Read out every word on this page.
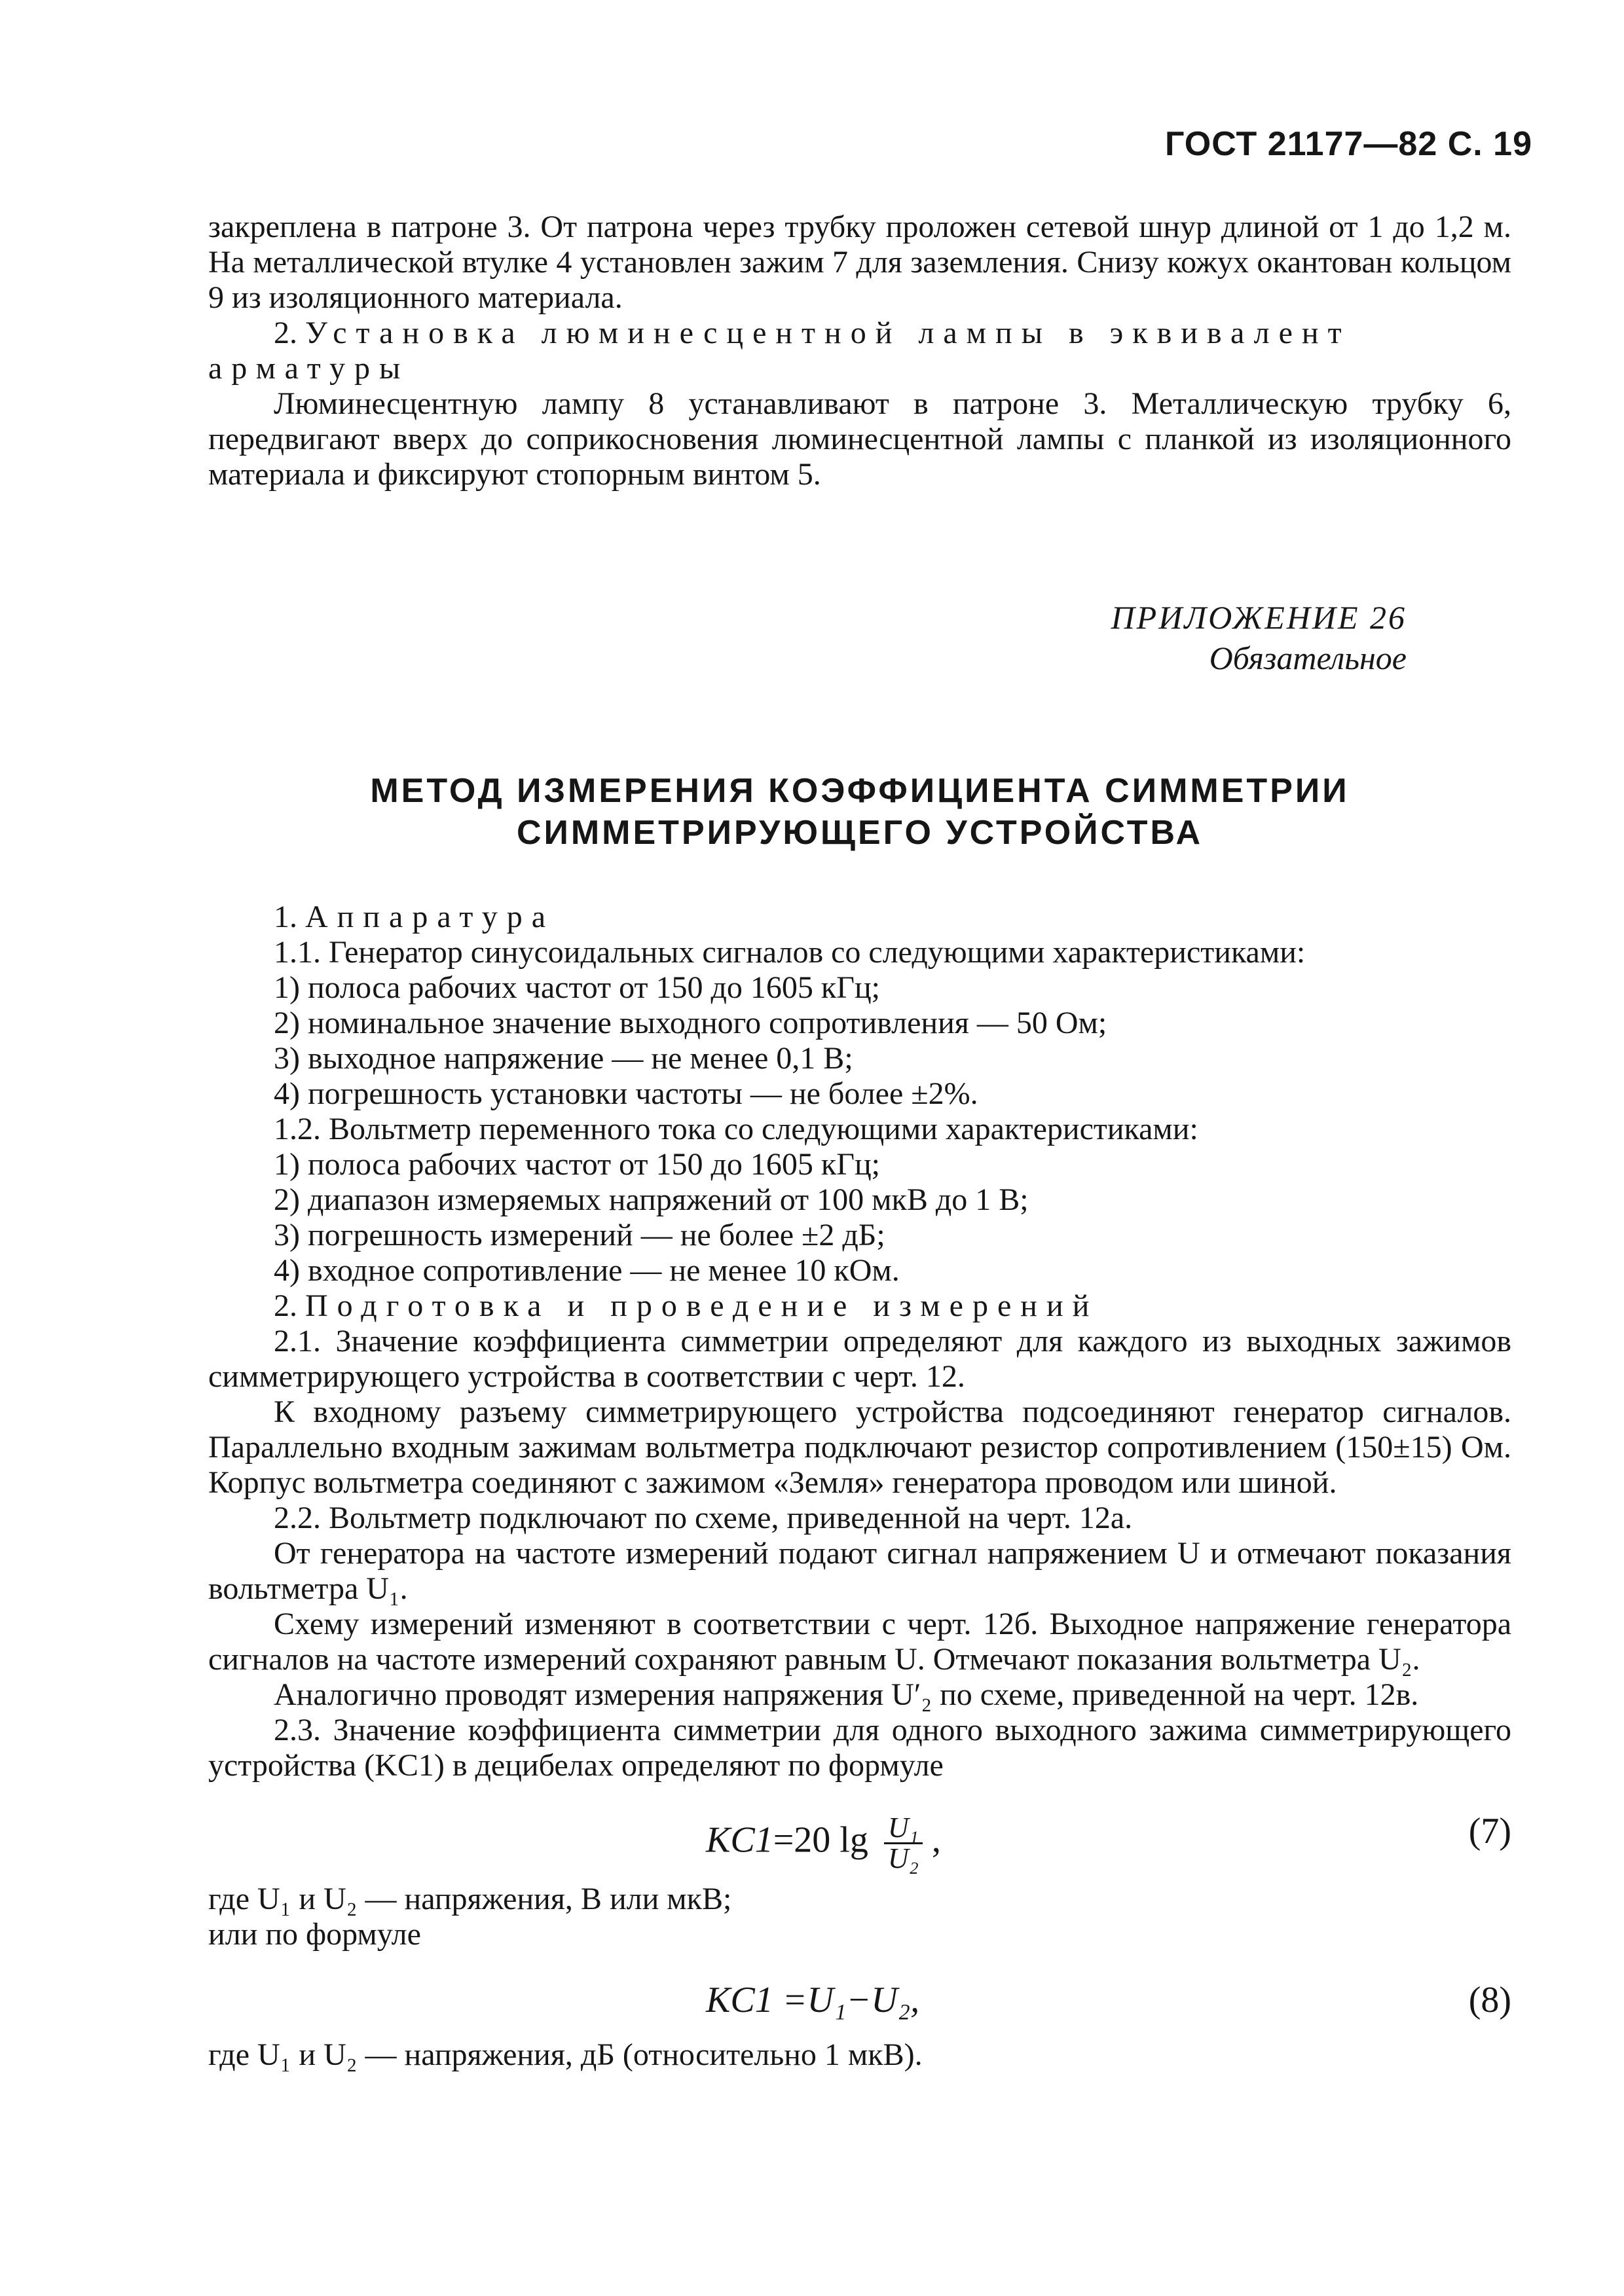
ГОСТ 21177—82 С. 19

закреплена в патроне 3. От патрона через трубку проложен сетевой шнур длиной от 1 до 1,2 м. На металлической втулке 4 установлен зажим 7 для заземления. Снизу кожух окантован кольцом 9 из изоляционного материала.

2. Установка люминесцентной лампы в эквивалент арматуры

Люминесцентную лампу 8 устанавливают в патроне 3. Металлическую трубку 6, передвигают вверх до соприкосновения люминесцентной лампы с планкой из изоляционного материала и фиксируют стопорным винтом 5.

ПРИЛОЖЕНИЕ 26
Обязательное
МЕТОД ИЗМЕРЕНИЯ КОЭФФИЦИЕНТА СИММЕТРИИ
СИММЕТРИРУЮЩЕГО УСТРОЙСТВА

1. Аппаратура

1.1. Генератор синусоидальных сигналов со следующими характеристиками:

1) полоса рабочих частот от 150 до 1605 кГц;

2) номинальное значение выходного сопротивления — 50 Ом;

3) выходное напряжение — не менее 0,1 В;

4) погрешность установки частоты — не более ±2%.

1.2. Вольтметр переменного тока со следующими характеристиками:

1) полоса рабочих частот от 150 до 1605 кГц;

2) диапазон измеряемых напряжений от 100 мкВ до 1 В;

3) погрешность измерений — не более ±2 дБ;

4) входное сопротивление — не менее 10 кОм.

2. Подготовка и проведение измерений

2.1. Значение коэффициента симметрии определяют для каждого из выходных зажимов симметрирующего устройства в соответствии с черт. 12.

К входному разъему симметрирующего устройства подсоединяют генератор сигналов. Параллельно входным зажимам вольтметра подключают резистор сопротивлением (150±15) Ом. Корпус вольтметра соединяют с зажимом «Земля» генератора проводом или шиной.

2.2. Вольтметр подключают по схеме, приведенной на черт. 12а.

От генератора на частоте измерений подают сигнал напряжением U и отмечают показания вольтметра U₁.

Схему измерений изменяют в соответствии с черт. 12б. Выходное напряжение генератора сигналов на частоте измерений сохраняют равным U. Отмечают показания вольтметра U₂.

Аналогично проводят измерения напряжения U′₂ по схеме, приведенной на черт. 12в.

2.3. Значение коэффициента симметрии для одного выходного зажима симметрирующего устройства (KC1) в децибелах определяют по формуле

KC1=20 $\lg \frac{\text{U₁}}{\text{U₂}}$ ,	(7)

где U₁ и U₂ — напряжения, В или мкВ;

или по формуле

KC1 =U₁−U₂,	(8)

где U₁ и U₂ — напряжения, дБ (относительно 1 мкВ).
